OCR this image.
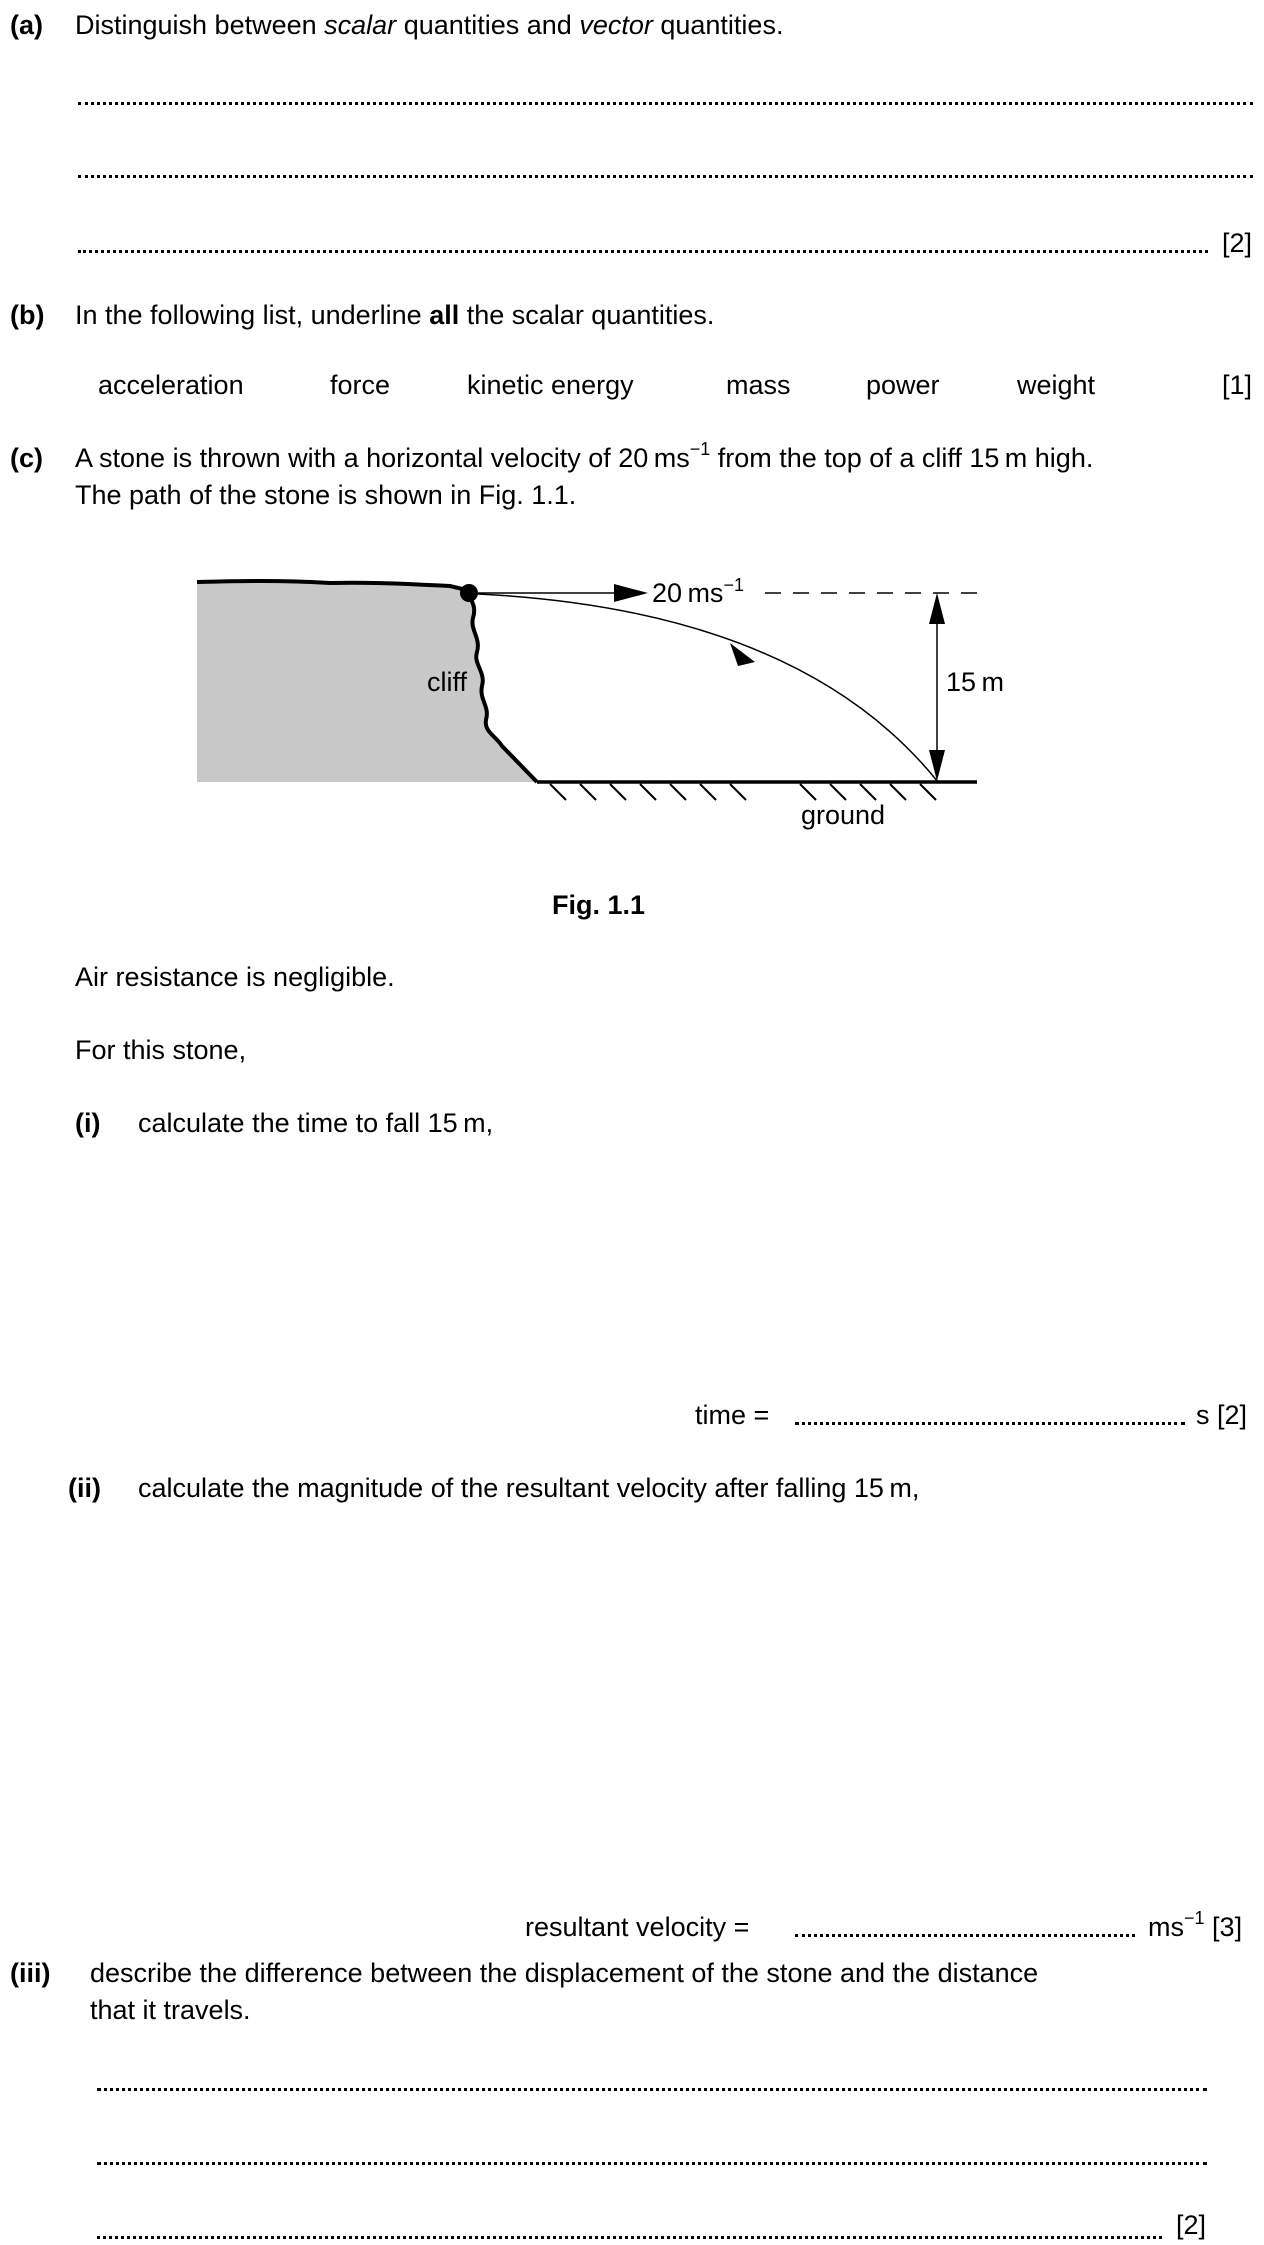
(a) Distinguish between scalar quantities and vector quantities.
[2]
(b) In the following list, underline all the scalar quantities.
acceleration	force	kinetic energy	mass	power	weight	[1]
(c) A stone is thrown with a horizontal velocity of 20 $ms^{-1}$ from the top of a cliff 15 m high.
The path of the stone is shown in Fig. 1.1.
20 $ms^{-1}$
15 m
cliff
ground
Fig. 1.1
Air resistance is negligible.
For this stone,
(i) calculate the time to fall 15 m,
time =	s [2]
(ii) calculate the magnitude of the resultant velocity after falling 15 m,
resultant velocity =	$ms^{-1}$ [3]
(iii) describe the difference between the displacement of the stone and the distance
that it travels.
[2]
